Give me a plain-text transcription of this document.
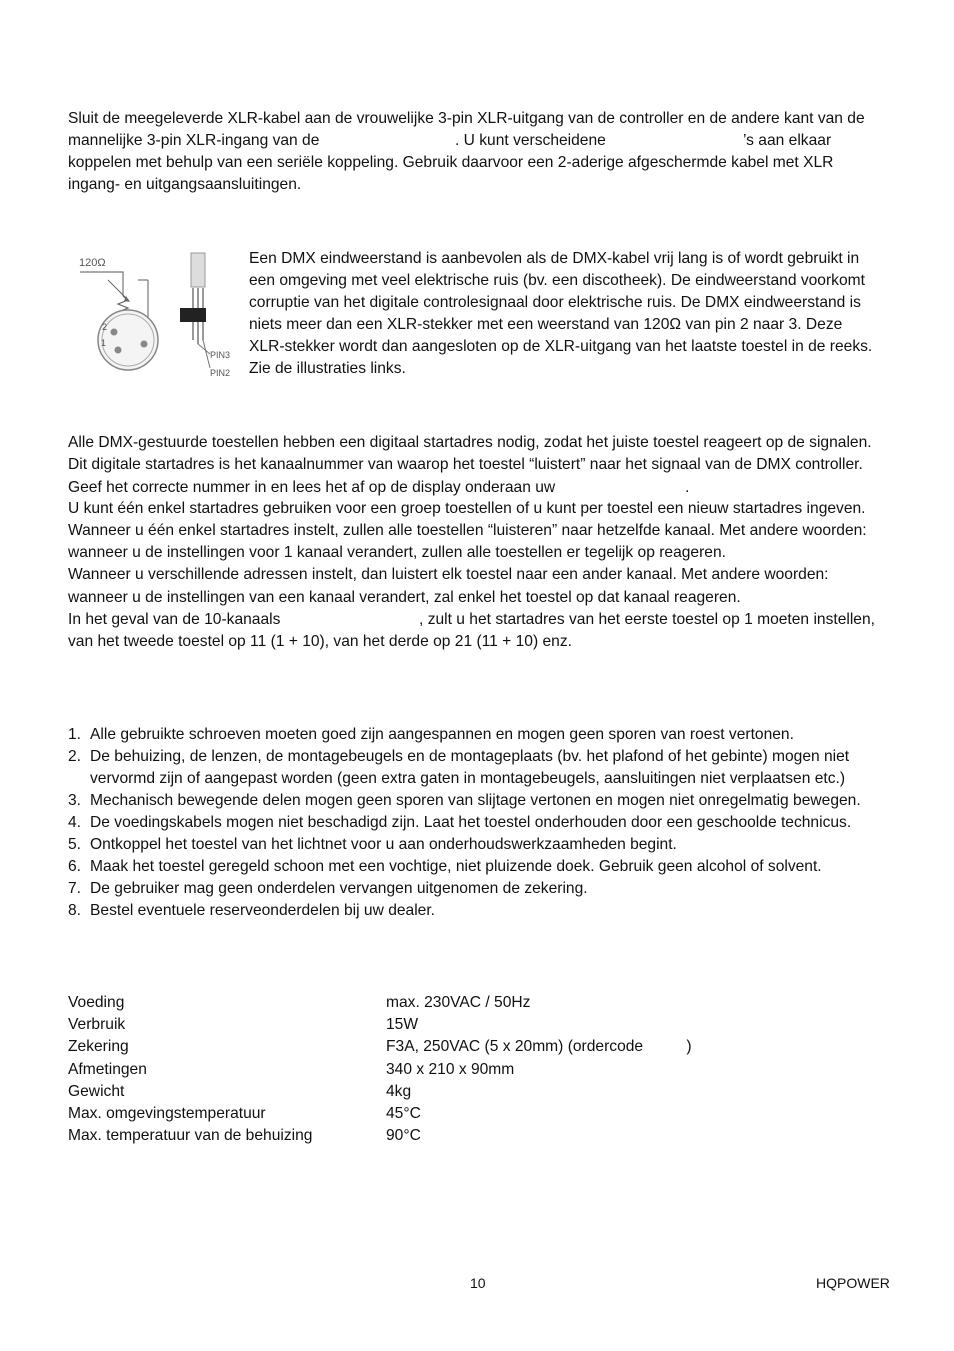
Sluit de meegeleverde XLR-kabel aan de vrouwelijke 3-pin XLR-uitgang van de controller en de andere kant van de
mannelijke 3-pin XLR-ingang van de	. U kunt verscheidene	’s aan elkaar
koppelen met behulp van een seriële koppeling. Gebruik daarvoor een 2-aderige afgeschermde kabel met XLR
ingang- en uitgangsaansluitingen.
120Ω
2
1
PIN3
PIN2
Een DMX eindweerstand is aanbevolen als de DMX-kabel vrij lang is of wordt gebruikt in
een omgeving met veel elektrische ruis (bv. een discotheek). De eindweerstand voorkomt
corruptie van het digitale controlesignaal door elektrische ruis. De DMX eindweerstand is
niets meer dan een XLR-stekker met een weerstand van 120Ω van pin 2 naar 3. Deze
XLR-stekker wordt dan aangesloten op de XLR-uitgang van het laatste toestel in de reeks.
Zie de illustraties links.
Alle DMX-gestuurde toestellen hebben een digitaal startadres nodig, zodat het juiste toestel reageert op de signalen.
Dit digitale startadres is het kanaalnummer van waarop het toestel “luistert” naar het signaal van de DMX controller.
Geef het correcte nummer in en lees het af op de display onderaan uw                              .
U kunt één enkel startadres gebruiken voor een groep toestellen of u kunt per toestel een nieuw startadres ingeven.
Wanneer u één enkel startadres instelt, zullen alle toestellen “luisteren” naar hetzelfde kanaal. Met andere woorden:
wanneer u de instellingen voor 1 kanaal verandert, zullen alle toestellen er tegelijk op reageren.
Wanneer u verschillende adressen instelt, dan luistert elk toestel naar een ander kanaal. Met andere woorden:
wanneer u de instellingen van een kanaal verandert, zal enkel het toestel op dat kanaal reageren.
In het geval van de 10-kanaals                                , zult u het startadres van het eerste toestel op 1 moeten instellen,
van het tweede toestel op 11 (1 + 10), van het derde op 21 (11 + 10) enz.
1. Alle gebruikte schroeven moeten goed zijn aangespannen en mogen geen sporen van roest vertonen.
2. De behuizing, de lenzen, de montagebeugels en de montageplaats (bv. het plafond of het gebinte) mogen niet vervormd zijn of aangepast worden (geen extra gaten in montagebeugels, aansluitingen niet verplaatsen etc.)
3. Mechanisch bewegende delen mogen geen sporen van slijtage vertonen en mogen niet onregelmatig bewegen.
4. De voedingskabels mogen niet beschadigd zijn. Laat het toestel onderhouden door een geschoolde technicus.
5. Ontkoppel het toestel van het lichtnet voor u aan onderhoudswerkzaamheden begint.
6. Maak het toestel geregeld schoon met een vochtige, niet pluizende doek. Gebruik geen alcohol of solvent.
7. De gebruiker mag geen onderdelen vervangen uitgenomen de zekering.
8. Bestel eventuele reserveonderdelen bij uw dealer.
Voeding	max. 230VAC / 50Hz
Verbruik	15W
Zekering	F3A, 250VAC (5 x 20mm) (ordercode          )
Afmetingen	340 x 210 x 90mm
Gewicht	4kg
Max. omgevingstemperatuur	45°C
Max. temperatuur van de behuizing	90°C
10	HQPOWER
